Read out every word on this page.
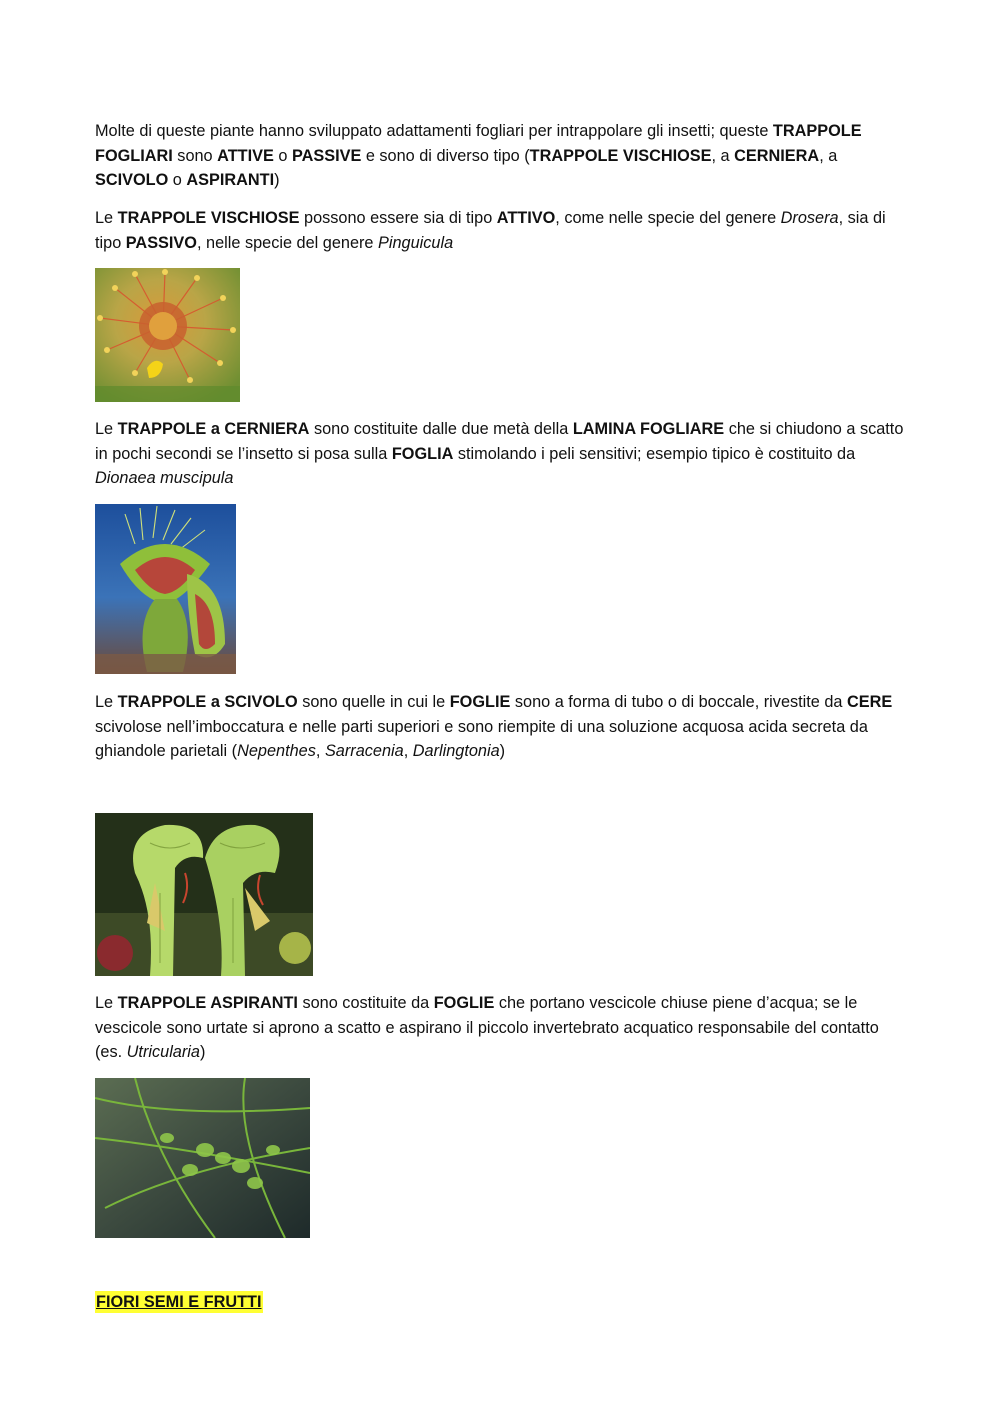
Molte di queste piante hanno sviluppato adattamenti fogliari per intrappolare gli insetti; queste TRAPPOLE FOGLIARI sono ATTIVE o PASSIVE e sono di diverso tipo (TRAPPOLE VISCHIOSE, a CERNIERA, a SCIVOLO o ASPIRANTI)

Le TRAPPOLE VISCHIOSE possono essere sia di tipo ATTIVO, come nelle specie del genere Drosera, sia di tipo PASSIVO, nelle specie del genere Pinguicula

Le TRAPPOLE a CERNIERA sono costituite dalle due metà della LAMINA FOGLIARE che si chiudono a scatto in pochi secondi se l’insetto si posa sulla FOGLIA stimolando i peli sensitivi; esempio tipico è costituito da Dionaea muscipula

Le TRAPPOLE a SCIVOLO sono quelle in cui le FOGLIE sono a forma di tubo o di boccale, rivestite da CERE scivolose nell’imboccatura e nelle parti superiori e sono riempite di una soluzione acquosa acida secreta da ghiandole parietali (Nepenthes, Sarracenia, Darlingtonia)

Le TRAPPOLE ASPIRANTI sono costituite da FOGLIE che portano vescicole chiuse piene d’acqua; se le vescicole sono urtate si aprono a scatto e aspirano il piccolo invertebrato acquatico responsabile del contatto (es. Utricularia)

FIORI SEMI E FRUTTI
